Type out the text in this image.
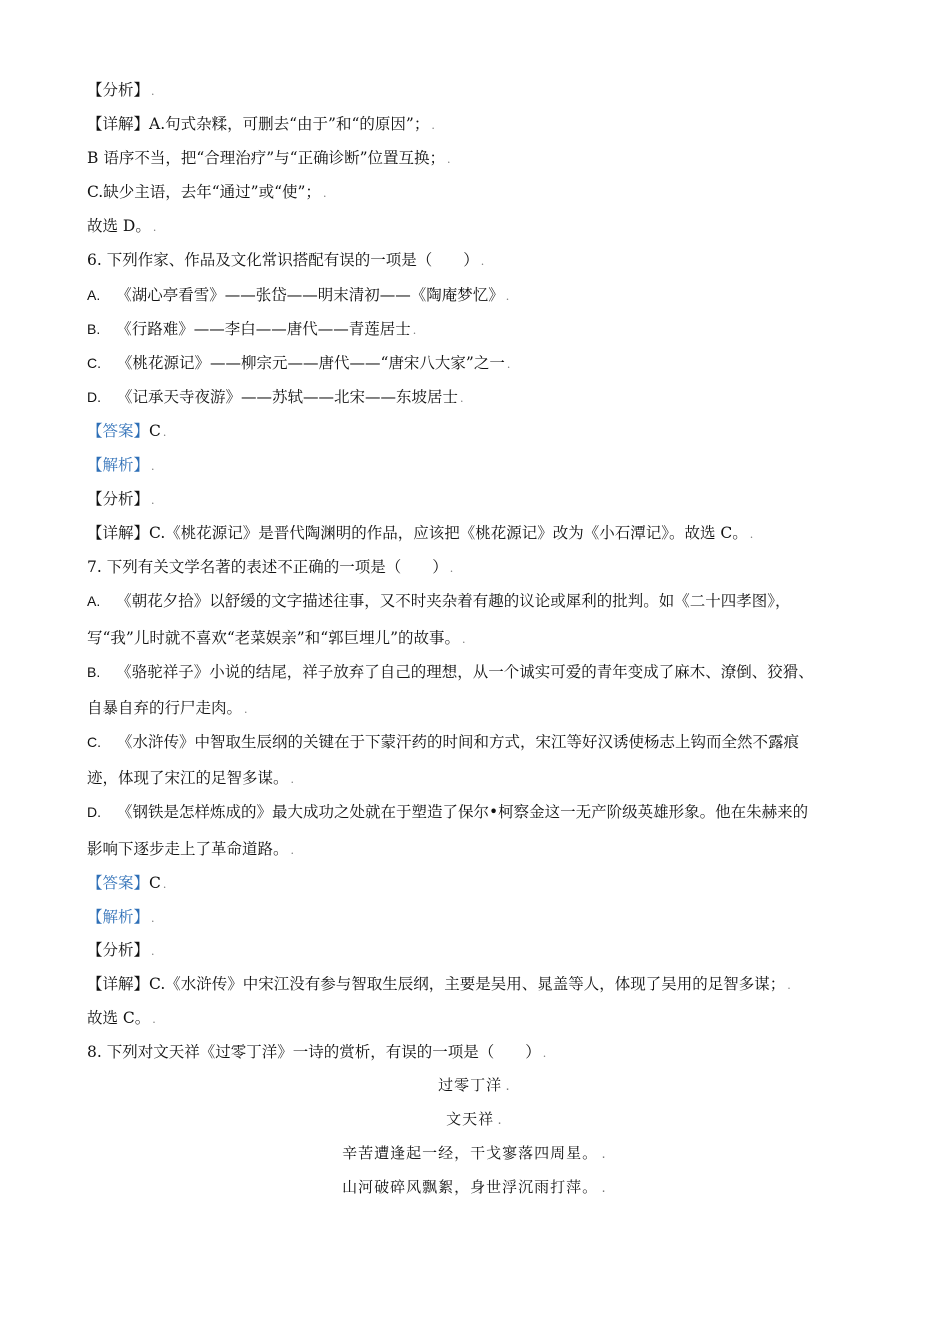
【分析】 .
【详解】A.句式杂糅，可删去“由于”和“的原因”； .
B 语序不当，把“合理治疗”与“正确诊断”位置互换； .
C.缺少主语，去年“通过”或“使”； .
故选 D。 .
6. 下列作家、作品及文化常识搭配有误的一项是（　　） .
A. 《湖心亭看雪》——张岱——明末清初——《陶庵梦忆》 .
B. 《行路难》——李白——唐代——青莲居士 .
C. 《桃花源记》——柳宗元——唐代——“唐宋八大家”之一 .
D. 《记承天寺夜游》——苏轼——北宋——东坡居士 .
【答案】C .
【解析】 .
【分析】 .
【详解】C.《桃花源记》是晋代陶渊明的作品，应该把《桃花源记》改为《小石潭记》。故选 C。 .
7. 下列有关文学名著的表述不正确的一项是（　　） .
A. 《朝花夕拾》以舒缓的文字描述往事，又不时夹杂着有趣的议论或犀利的批判。如《二十四孝图》，
写“我”儿时就不喜欢“老菜娱亲”和“郭巨埋儿”的故事。 .
B. 《骆驼祥子》小说的结尾，祥子放弃了自己的理想，从一个诚实可爱的青年变成了麻木、潦倒、狡猾、
自暴自弃的行尸走肉。 .
C. 《水浒传》中智取生辰纲的关键在于下蒙汗药的时间和方式，宋江等好汉诱使杨志上钩而全然不露痕
迹，体现了宋江的足智多谋。 .
D. 《钢铁是怎样炼成的》最大成功之处就在于塑造了保尔•柯察金这一无产阶级英雄形象。他在朱赫来的
影响下逐步走上了革命道路。 .
【答案】C .
【解析】 .
【分析】 .
【详解】C.《水浒传》中宋江没有参与智取生辰纲，主要是吴用、晁盖等人，体现了吴用的足智多谋； .
故选 C。 .
8. 下列对文天祥《过零丁洋》一诗的赏析，有误的一项是（　　） .
过零丁洋 .
文天祥 .
辛苦遭逢起一经，干戈寥落四周星。 .
山河破碎风飘絮，身世浮沉雨打萍。 .
